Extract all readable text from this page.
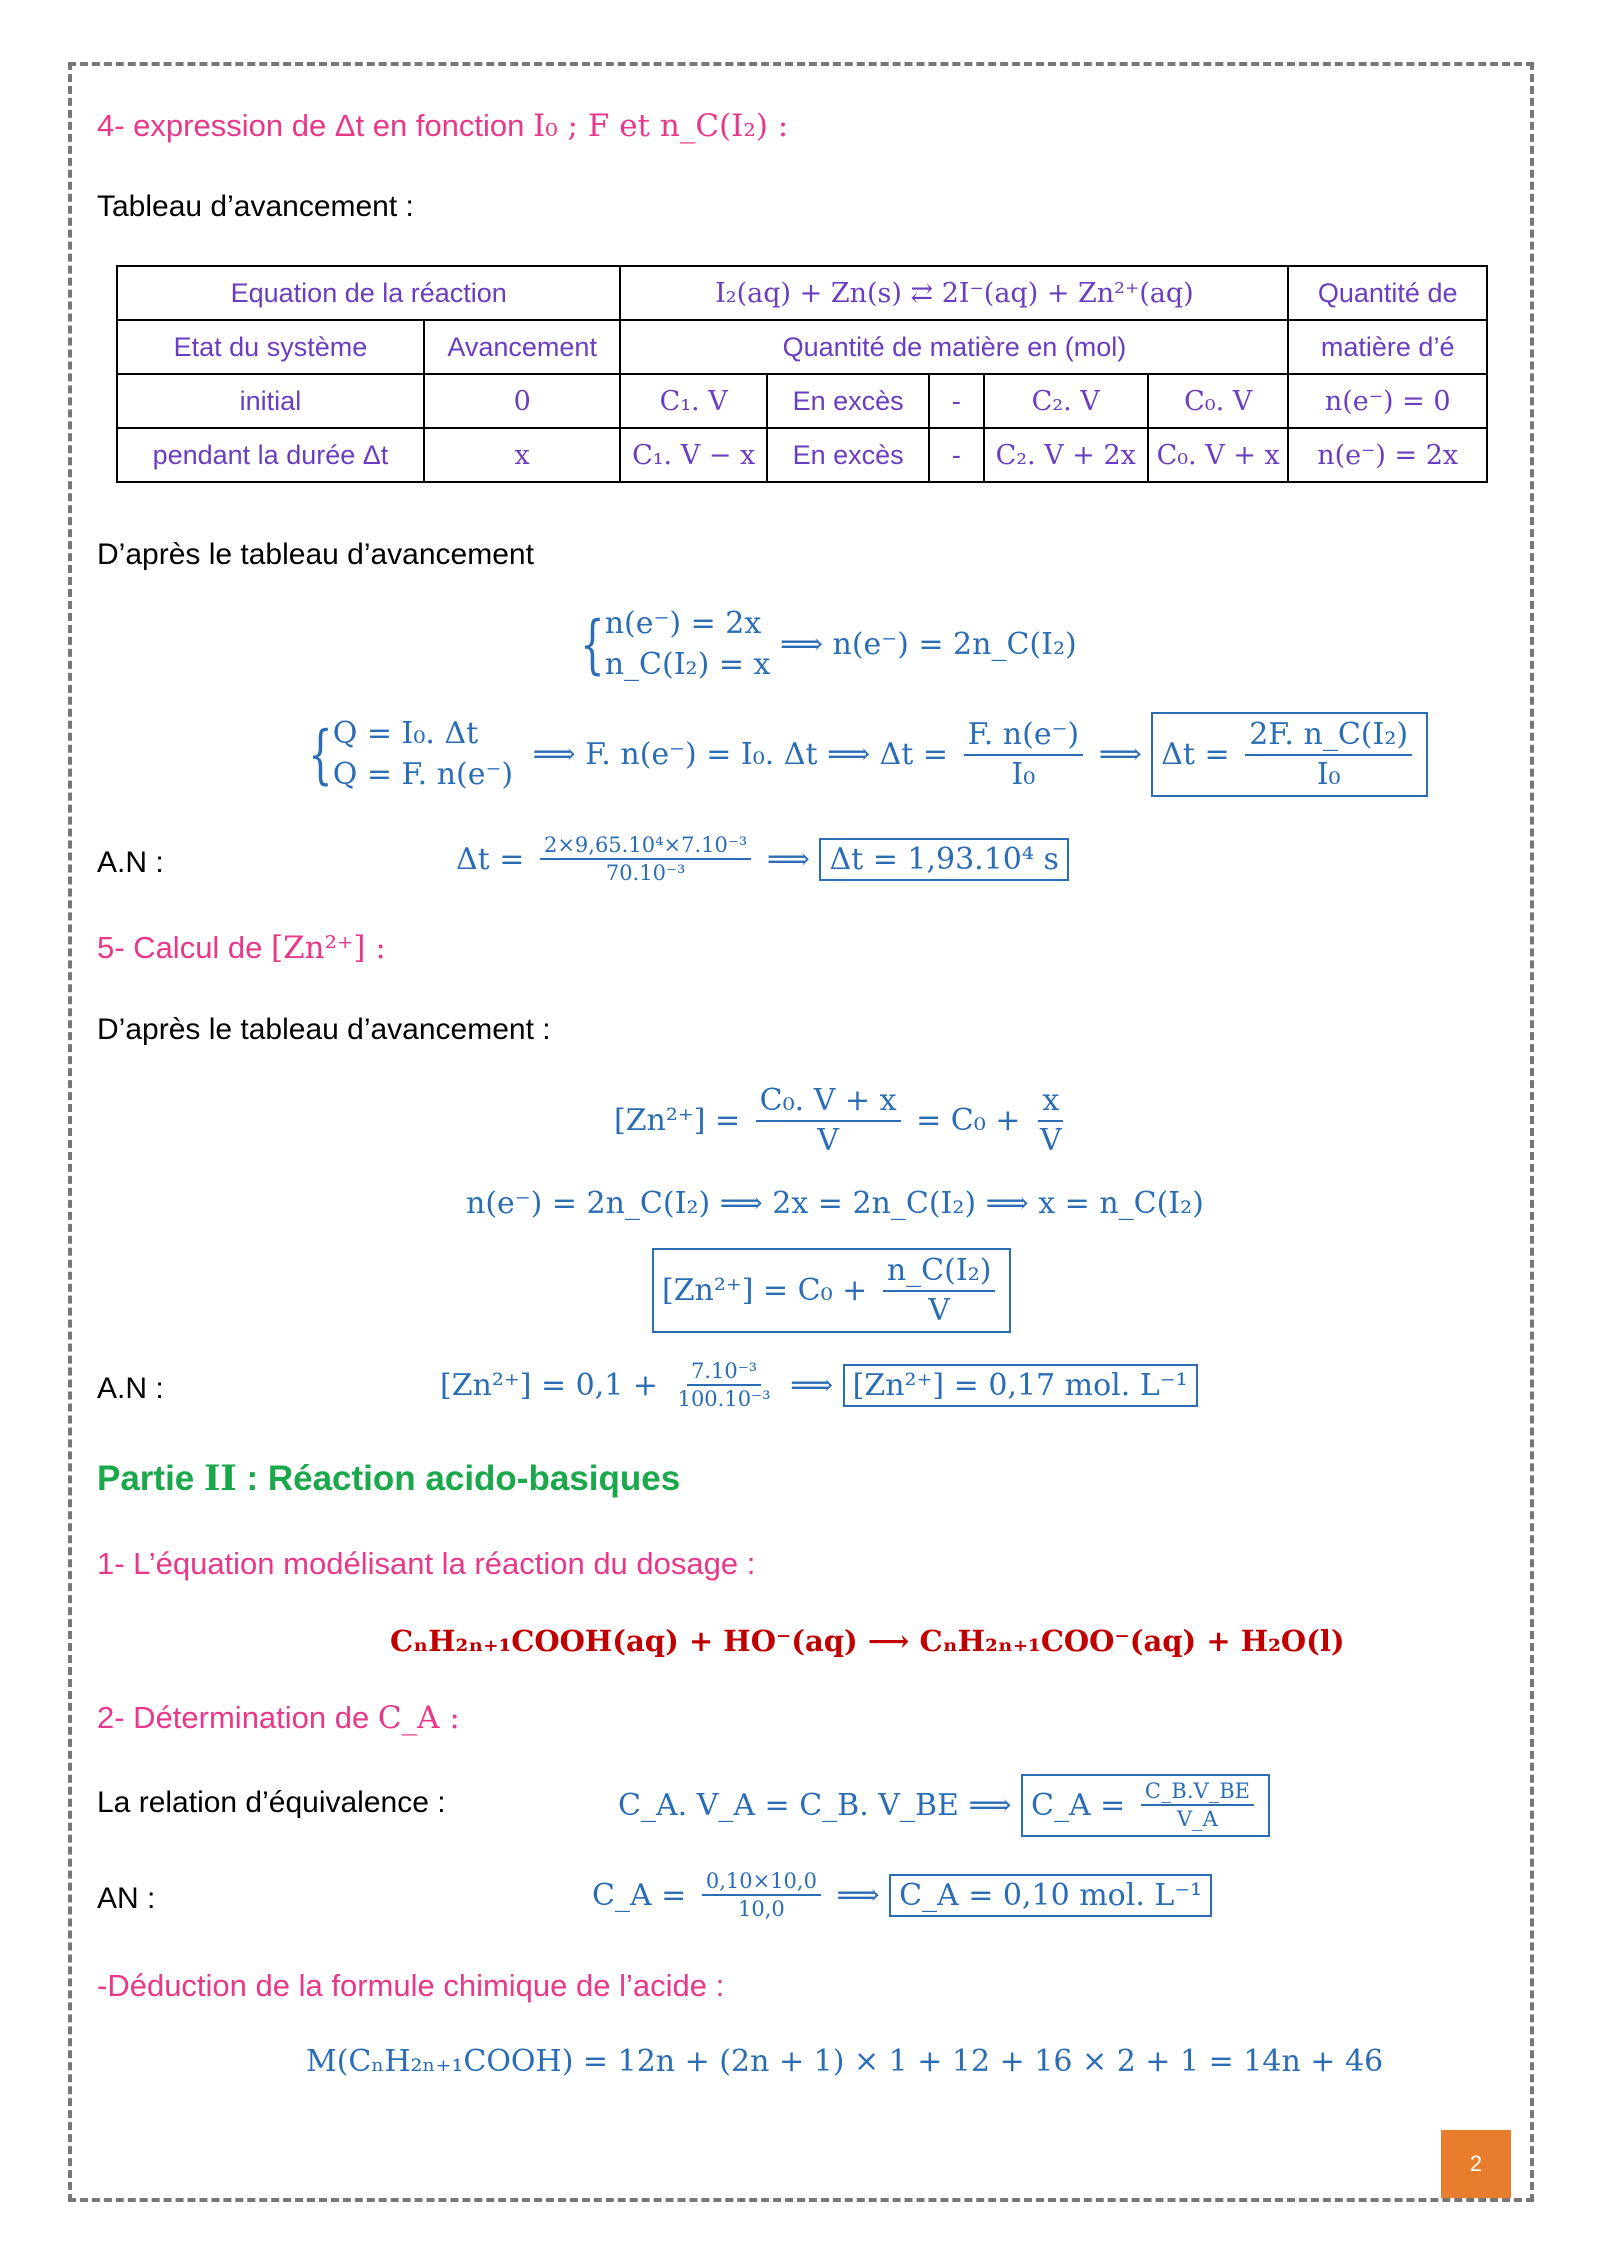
4- expression de Δt en fonction I₀ ; F et n_C(I₂) :
Tableau d’avancement :
Equation de la réaction		I₂(aq) + Zn(s) ⇄ 2I⁻(aq) + Zn²⁺(aq)					Quantité de
Etat du système	Avancement	Quantité de matière en (mol)					matière d’é
initial	0	C₁. V	En excès	-	C₂. V	C₀. V	n(e⁻) = 0
pendant la durée Δt	x	C₁. V − x	En excès	-	C₂. V + 2x	C₀. V + x	n(e⁻) = 2x
D’après le tableau d’avancement
{ n(e⁻) = 2x
n_C(I₂) = x
⟹ n(e⁻) = 2n_C(I₂)
{ Q = I₀. Δt
Q = F. n(e⁻)
⟹ F. n(e⁻) = I₀. Δt ⟹ $\Delta t = \frac{F. n(e^-)}{\text{I₀}}$ ⟹ $\Delta t = \frac{\text{2F. n\_C(I₂)}}{\text{I₀}}$
A.N :	$\Delta t = \frac{\text{2×9,65.10⁴×7.10⁻³}}{\text{70.10⁻³}}$ ⟹ Δt = 1,93.10⁴ s
5- Calcul de [Zn²⁺] :
D’après le tableau d’avancement :
$[Zn^{2+}] = \frac{\text{C₀. V + x}}{V} = C_0 + \frac{x}{V}$
n(e⁻) = 2n_C(I₂) ⟹ 2x = 2n_C(I₂) ⟹ x = n_C(I₂)
$[Zn^{2+}] = C_0 + \frac{\text{n\_C(I₂)}}{V}$
A.N :	$[Zn^{2+}] = 0,1 + \frac{\text{7.10⁻³}}{\text{100.10⁻³}}$ ⟹ [Zn²⁺] = 0,17 mol. L⁻¹
Partie II : Réaction acido-basiques
1- L’équation modélisant la réaction du dosage :
CₙH₂ₙ₊₁COOH(aq) + HO⁻(aq) ⟶ CₙH₂ₙ₊₁COO⁻(aq) + H₂O(l)
2- Détermination de C_A :
La relation d’équivalence :	C_A. V_A = C_B. V_BE ⟹ C_A = $\frac{C\_B.V\_BE}{V\_A}$
AN :	C_A = $\frac{0,10\times 10,0}{10,0}$ ⟹ C_A = 0,10 mol. L⁻¹
-Déduction de la formule chimique de l’acide :
M(CₙH₂ₙ₊₁COOH) = 12n + (2n + 1) × 1 + 12 + 16 × 2 + 1 = 14n + 46
2
